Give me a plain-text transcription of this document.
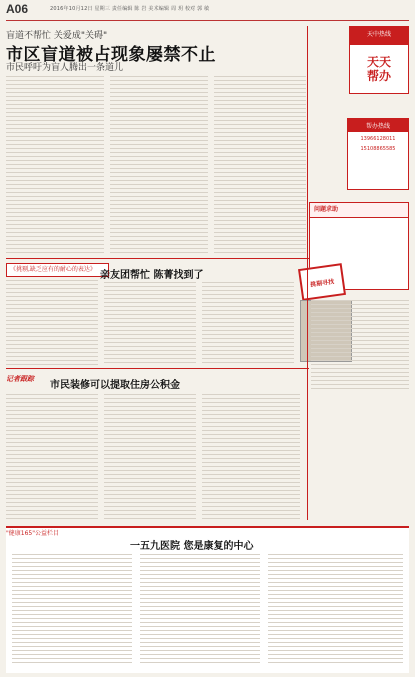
A06	2016年10月12日 星期三 责任编辑 陈 岩 美术编辑 周 玥 校对 郭 敏
天中热线
天天
帮办
帮办热线
13966128011
15108865585
问题求助
盲道不帮忙 关爱成"关碍"
市区盲道被占现象屡禁不止
市民呼吁为盲人腾出一条道儿
《挑剔,缺乏应有的耐心的表达》
亲友团帮忙 陈菁找到了
挑剔寻找
记者跟踪
市民装修可以提取住房公积金
"健康165"公益栏目
一五九医院 您是康复的中心
